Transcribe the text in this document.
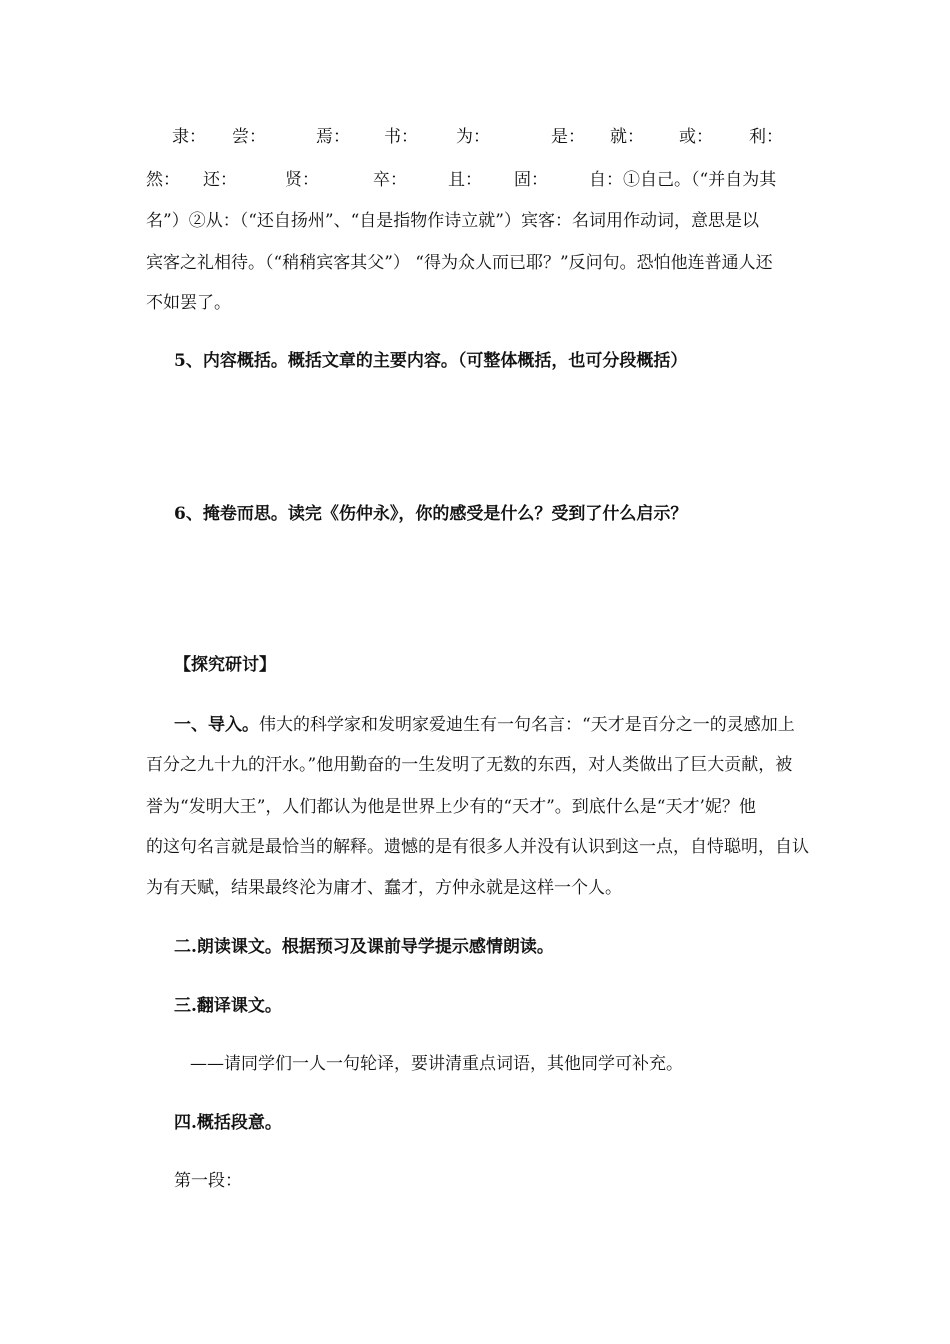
隶： 尝：	焉： 书： 为：	是： 就： 或： 利：
然： 还：	贤：	卒： 且： 固： 自：①自己。（“并自为其
名”）②从：（“还自扬州”、“自是指物作诗立就”）宾客：名词用作动词，意思是以
宾客之礼相待。（“稍稍宾客其父”） “得为众人而已耶？”反问句。恐怕他连普通人还
不如罢了。
5、内容概括。概括文章的主要内容。（可整体概括，也可分段概括）
6、掩卷而思。读完《伤仲永》，你的感受是什么？受到了什么启示？
【探究研讨】
一、导入。伟大的科学家和发明家爱迪生有一句名言：“天才是百分之一的灵感加上
百分之九十九的汗水。”他用勤奋的一生发明了无数的东西，对人类做出了巨大贡献，被
誉为“发明大王”，人们都认为他是世界上少有的“天才”。到底什么是“天才’妮？他
的这句名言就是最恰当的解释。遗憾的是有很多人并没有认识到这一点，自恃聪明，自认
为有天赋，结果最终沦为庸才、蠢才，方仲永就是这样一个人。
二.朗读课文。根据预习及课前导学提示感情朗读。
三.翻译课文。
——请同学们一人一句轮译，要讲清重点词语，其他同学可补充。
四.概括段意。
第一段：
